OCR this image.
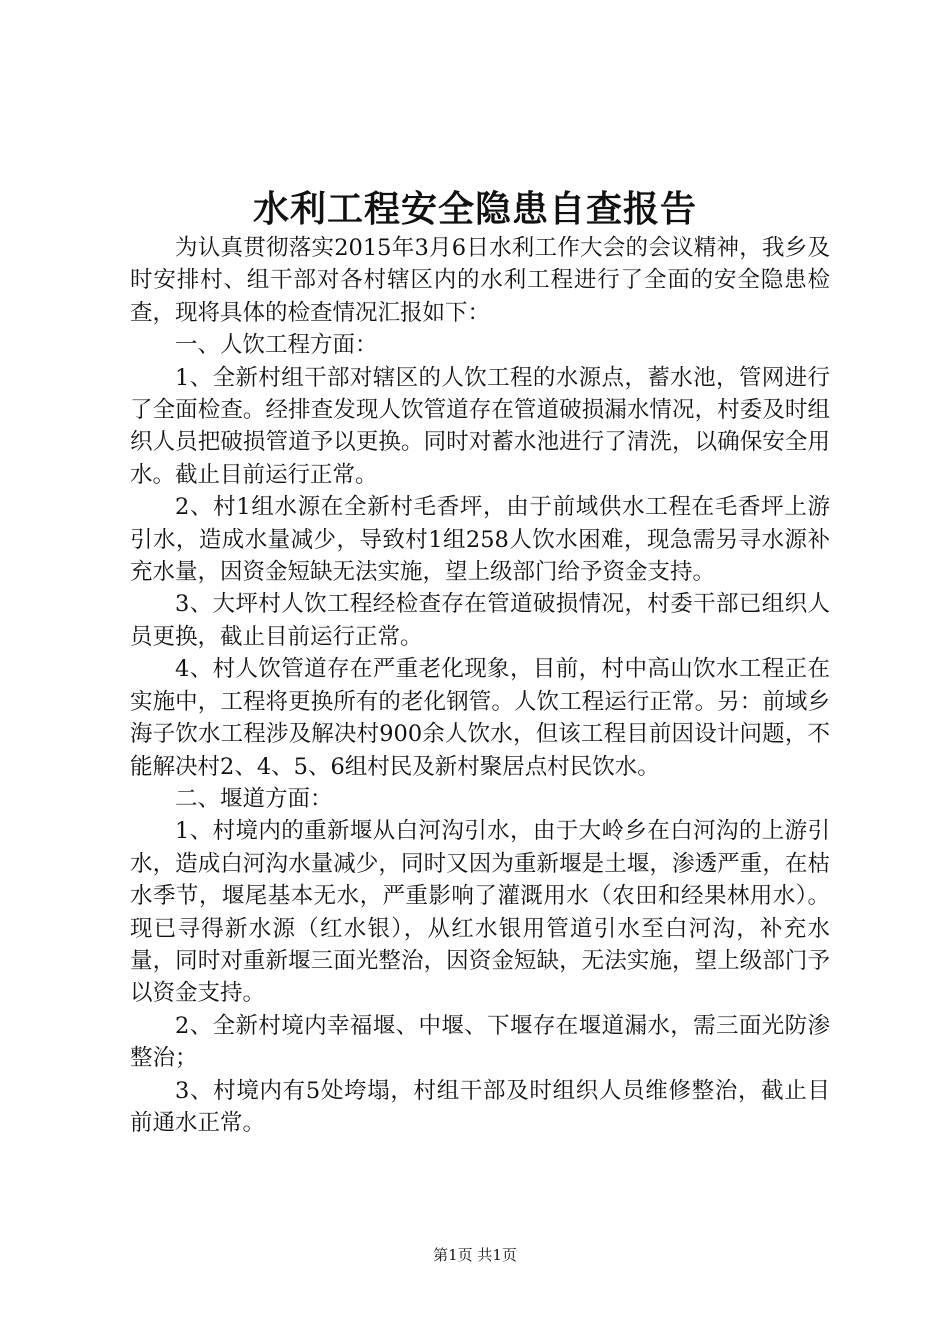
水利工程安全隐患自查报告

为认真贯彻落实2015年3月6日水利工作大会的会议精神，我乡及时安排村、组干部对各村辖区内的水利工程进行了全面的安全隐患检查，现将具体的检查情况汇报如下：

一、人饮工程方面：

1、全新村组干部对辖区的人饮工程的水源点，蓄水池，管网进行了全面检查。经排查发现人饮管道存在管道破损漏水情况，村委及时组织人员把破损管道予以更换。同时对蓄水池进行了清洗，以确保安全用水。截止目前运行正常。

2、村1组水源在全新村毛香坪，由于前域供水工程在毛香坪上游引水，造成水量减少，导致村1组258人饮水困难，现急需另寻水源补充水量，因资金短缺无法实施，望上级部门给予资金支持。

3、大坪村人饮工程经检查存在管道破损情况，村委干部已组织人员更换，截止目前运行正常。

4、村人饮管道存在严重老化现象，目前，村中高山饮水工程正在实施中，工程将更换所有的老化钢管。人饮工程运行正常。另：前域乡海子饮水工程涉及解决村900余人饮水，但该工程目前因设计问题，不能解决村2、4、5、6组村民及新村聚居点村民饮水。

二、堰道方面：

1、村境内的重新堰从白河沟引水，由于大岭乡在白河沟的上游引水，造成白河沟水量减少，同时又因为重新堰是土堰，渗透严重，在枯水季节，堰尾基本无水，严重影响了灌溉用水（农田和经果林用水）。现已寻得新水源（红水银），从红水银用管道引水至白河沟，补充水量，同时对重新堰三面光整治，因资金短缺，无法实施，望上级部门予以资金支持。

2、全新村境内幸福堰、中堰、下堰存在堰道漏水，需三面光防渗整治；

3、村境内有5处垮塌，村组干部及时组织人员维修整治，截止目前通水正常。

第1页 共1页
